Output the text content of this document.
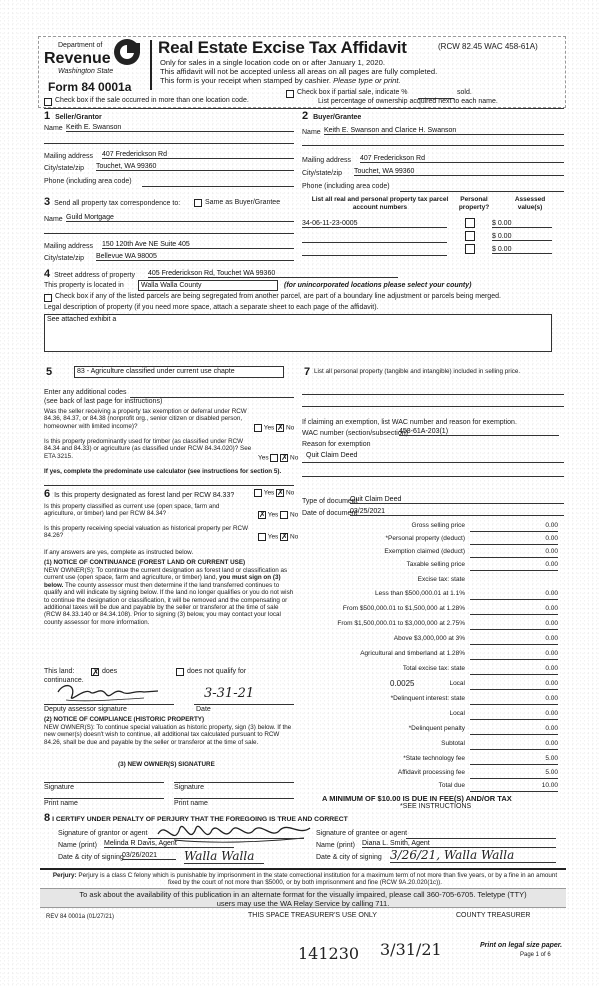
Department of
Revenue
Washington State
Form 84 0001a
Real Estate Excise Tax Affidavit	(RCW 82.45 WAC 458-61A)
Only for sales in a single location code on or after January 1, 2020.
This affidavit will not be accepted unless all areas on all pages are fully completed.
This form is your receipt when stamped by cashier. Please type or print.
Check box if partial sale, indicate %	sold.
List percentage of ownership acquired next to each name.
Check box if the sale occurred in more than one location code.
1 Seller/Grantor
Name Keith E. Swanson
Mailing address 407 Frederickson Rd
City/state/zip Touchet, WA 99360
Phone (including area code)
2 Buyer/Grantee
Name Keith E. Swanson and Clarice H. Swanson
Mailing address 407 Frederickson Rd
City/state/zip Touchet, WA 99360
Phone (including area code)
3 Send all property tax correspondence to:	Same as Buyer/Grantee
Name Guild Mortgage
Mailing address 150 120th Ave NE Suite 405
City/state/zip Bellevue WA 98005
List all real and personal property tax parcel account numbers
Personal property?
Assessed value(s)
34-06-11-23-0005	$ 0.00
$ 0.00
$ 0.00
4 Street address of property 405 Frederickson Rd, Touchet WA 99360
This property is located in	Walla Walla County	(for unincorporated locations please select your county)
Check box if any of the listed parcels are being segregated from another parcel, are part of a boundary line adjustment or parcels being merged.
Legal description of property (if you need more space, attach a separate sheet to each page of the affidavit).
See attached exhibit a
5	83 - Agriculture classified under current use chapte
Enter any additional codes
(see back of last page for instructions)
Was the seller receiving a property tax exemption or deferral under RCW 84.36, 84.37, or 84.38 (nonprofit org., senior citizen or disabled person, homeowner with limited income)?	Yes ✗ No
Is this property predominantly used for timber (as classified under RCW 84.34 and 84.33) or agriculture (as classified under RCW 84.34.020)? See ETA 3215.	Yes ✗ No
If yes, complete the predominate use calculator (see instructions for section 5).
7 List all personal property (tangible and intangible) included in selling price.
If claiming an exemption, list WAC number and reason for exemption.
WAC number (section/subsection)
458-61A-203(1)
Reason for exemption
Quit Claim Deed
Type of document
Quit Claim Deed
Date of document
03/25/2021
6 Is this property designated as forest land per RCW 84.33?	Yes ✗ No
Is this property classified as current use (open space, farm and agriculture, or timber) land per RCW 84.34?	✗ Yes No
Is this property receiving special valuation as historical property per RCW 84.26?	Yes ✗ No
If any answers are yes, complete as instructed below.
(1) NOTICE OF CONTINUANCE (FOREST LAND OR CURRENT USE)
NEW OWNER(S): To continue the current designation as forest land or classification as current use (open space, farm and agriculture, or timber) land, you must sign on (3) below. The county assessor must then determine if the land transferred continues to qualify and will indicate by signing below. If the land no longer qualifies or you do not wish to continue the designation or classification, it will be removed and the compensating or additional taxes will be due and payable by the seller or transferor at the time of sale (RCW 84.33.140 or 84.34.108). Prior to signing (3) below, you may contact your local county assessor for more information.
This land: ✗ does	does not qualify for
continuance.
3-31-21
Deputy assessor signature	Date
(2) NOTICE OF COMPLIANCE (HISTORIC PROPERTY)
NEW OWNER(S): To continue special valuation as historic property, sign (3) below. If the new owner(s) doesn't wish to continue, all additional tax calculated pursuant to RCW 84.26, shall be due and payable by the seller or transferor at the time of sale.
(3) NEW OWNER(S) SIGNATURE
Signature	Signature
Print name	Print name
Gross selling price	0.00
*Personal property (deduct)	0.00
Exemption claimed (deduct)	0.00
Taxable selling price	0.00
Excise tax: state
Less than $500,000.01 at 1.1%	0.00
From $500,000.01 to $1,500,000 at 1.28%	0.00
From $1,500,000.01 to $3,000,000 at 2.75%	0.00
Above $3,000,000 at 3%	0.00
Agricultural and timberland at 1.28%	0.00
Total excise tax: state	0.00
0.0025	Local	0.00
*Delinquent interest: state	0.00
Local	0.00
*Delinquent penalty	0.00
Subtotal	0.00
*State technology fee	5.00
Affidavit processing fee	5.00
Total due	10.00
A MINIMUM OF $10.00 IS DUE IN FEE(S) AND/OR TAX
*SEE INSTRUCTIONS
8 I CERTIFY UNDER PENALTY OF PERJURY THAT THE FOREGOING IS TRUE AND CORRECT
Signature of grantor or agent
Name (print) Melinda R Davis, Agent
Date & city of signing
03/26/2021	Walla Walla
Signature of grantee or agent
Name (print) Diana L. Smith, Agent
Date & city of signing 3/26/21, Walla Walla
Perjury: Perjury is a class C felony which is punishable by imprisonment in the state correctional institution for a maximum term of not more than five years, or by a fine in an amount fixed by the court of not more than $5000, or by both imprisonment and fine (RCW 9A.20.020(1c)).
To ask about the availability of this publication in an alternate format for the visually impaired, please call 360-705-6705. Teletype (TTY) users may use the WA Relay Service by calling 711.
REV 84 0001a (01/27/21)	THIS SPACE TREASURER'S USE ONLY	COUNTY TREASURER
141230 3/31/21	Print on legal size paper.
Page 1 of 6
